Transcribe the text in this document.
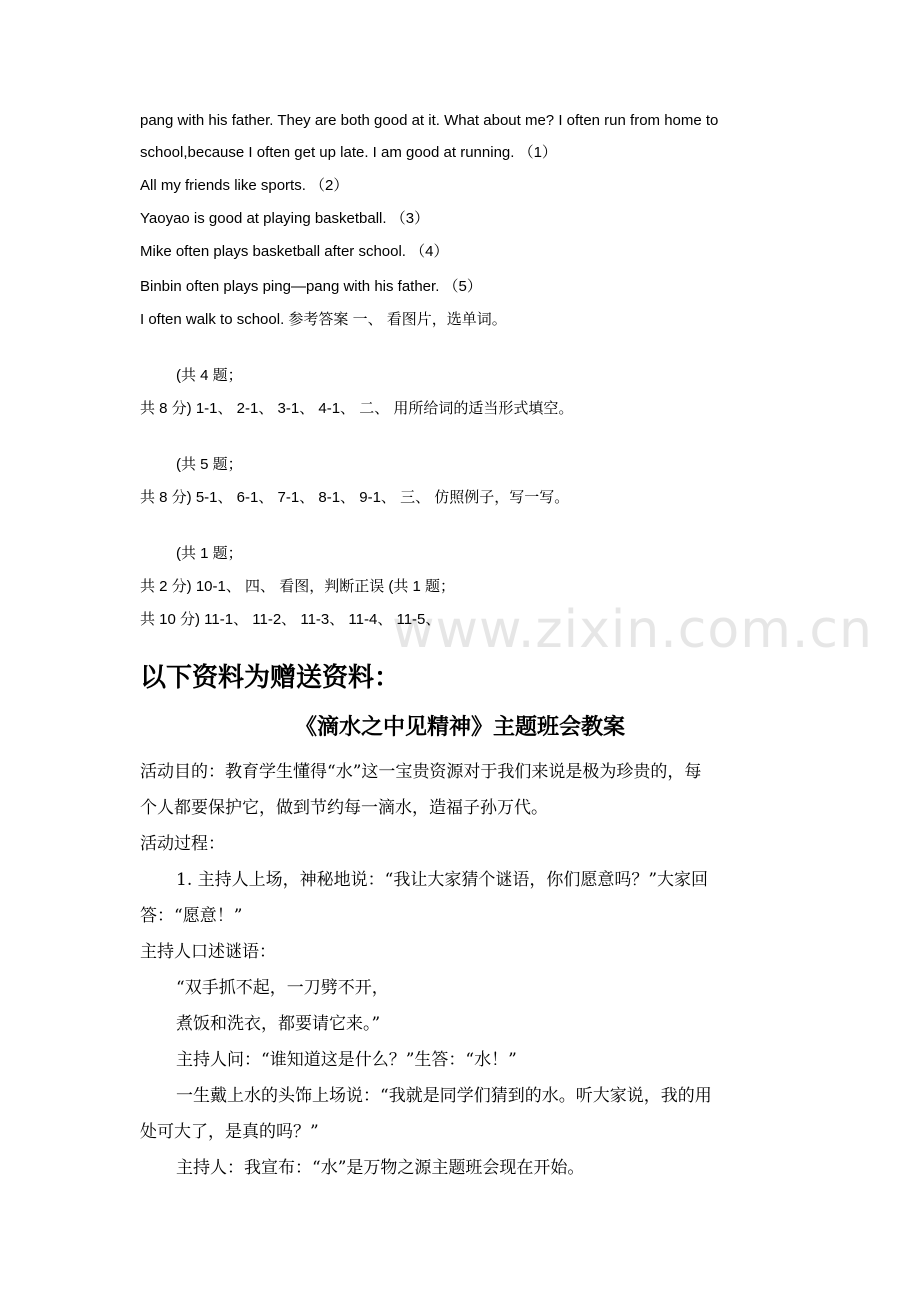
www.zixin.com.cn
pang with his father. They are both good at it. What about me? I often run from home to
school,because I often get up late. I am good at running. （1）
All my friends like sports. （2）
Yaoyao is good at playing basketball. （3）
Mike often plays basketball after school. （4）
Binbin often plays ping—pang with his father. （5）
I often walk to school. 参考答案 一、 看图片，选单词。
(共 4 题；
共 8 分) 1-1、 2-1、 3-1、 4-1、 二、 用所给词的适当形式填空。
(共 5 题；
共 8 分) 5-1、 6-1、 7-1、 8-1、 9-1、 三、 仿照例子，写一写。
(共 1 题；
共 2 分) 10-1、 四、 看图，判断正误 (共 1 题；
共 10 分) 11-1、 11-2、 11-3、 11-4、 11-5、
以下资料为赠送资料：
《滴水之中见精神》主题班会教案
活动目的：教育学生懂得“水”这一宝贵资源对于我们来说是极为珍贵的，每
个人都要保护它，做到节约每一滴水，造福子孙万代。
活动过程：
1. 主持人上场，神秘地说：“我让大家猜个谜语，你们愿意吗？”大家回
答：“愿意！”
主持人口述谜语：
“双手抓不起，一刀劈不开，
煮饭和洗衣，都要请它来。”
主持人问：“谁知道这是什么？”生答：“水！”
一生戴上水的头饰上场说：“我就是同学们猜到的水。听大家说，我的用
处可大了，是真的吗？”
主持人：我宣布：“水”是万物之源主题班会现在开始。
